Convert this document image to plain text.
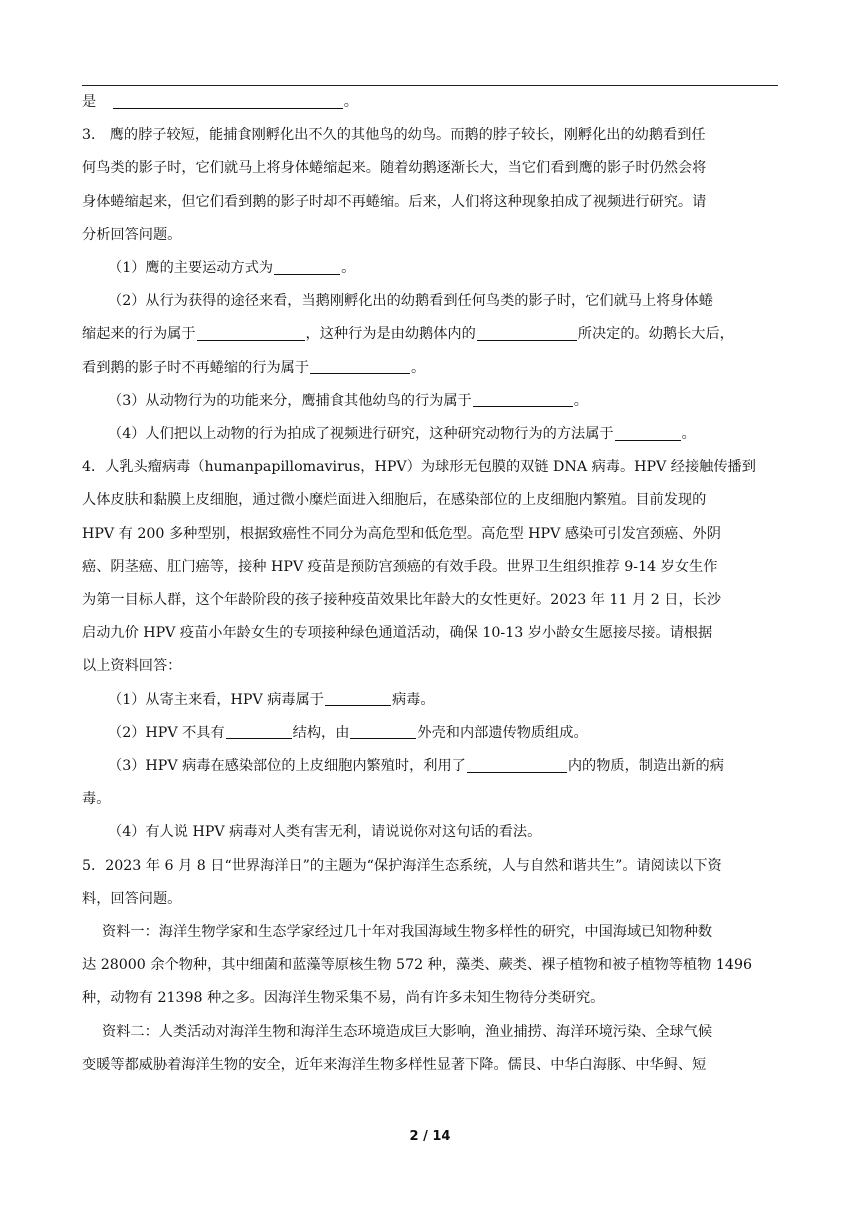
是	。

3． 鹰的脖子较短，能捕食刚孵化出不久的其他鸟的幼鸟。而鹅的脖子较长，刚孵化出的幼鹅看到任

何鸟类的影子时，它们就马上将身体蜷缩起来。随着幼鹅逐渐长大，当它们看到鹰的影子时仍然会将

身体蜷缩起来，但它们看到鹅的影子时却不再蜷缩。后来，人们将这种现象拍成了视频进行研究。请

分析回答问题。

（1）鹰的主要运动方式为	。

（2）从行为获得的途径来看，当鹅刚孵化出的幼鹅看到任何鸟类的影子时，它们就马上将身体蜷

缩起来的行为属于	，这种行为是由幼鹅体内的	所决定的。幼鹅长大后，

看到鹅的影子时不再蜷缩的行为属于	。

（3）从动物行为的功能来分，鹰捕食其他幼鸟的行为属于	。

（4）人们把以上动物的行为拍成了视频进行研究，这种研究动物行为的方法属于	。

4．人乳头瘤病毒（humanpapillomavirus，HPV）为球形无包膜的双链 DNA 病毒。HPV 经接触传播到

人体皮肤和黏膜上皮细胞，通过微小糜烂面进入细胞后，在感染部位的上皮细胞内繁殖。目前发现的

HPV 有 200 多种型别，根据致癌性不同分为高危型和低危型。高危型 HPV 感染可引发宫颈癌、外阴

癌、阴茎癌、肛门癌等，接种 HPV 疫苗是预防宫颈癌的有效手段。世界卫生组织推荐 9-14 岁女生作

为第一目标人群，这个年龄阶段的孩子接种疫苗效果比年龄大的女性更好。2023 年 11 月 2 日，长沙

启动九价 HPV 疫苗小年龄女生的专项接种绿色通道活动，确保 10-13 岁小龄女生愿接尽接。请根据

以上资料回答：

（1）从寄主来看，HPV 病毒属于	病毒。

（2）HPV 不具有	结构，由	外壳和内部遗传物质组成。

（3）HPV 病毒在感染部位的上皮细胞内繁殖时，利用了	内的物质，制造出新的病

毒。

（4）有人说 HPV 病毒对人类有害无利，请说说你对这句话的看法。

5．2023 年 6 月 8 日“世界海洋日”的主题为“保护海洋生态系统，人与自然和谐共生”。请阅读以下资

料，回答问题。

资料一：海洋生物学家和生态学家经过几十年对我国海域生物多样性的研究，中国海域已知物种数

达 28000 余个物种，其中细菌和蓝藻等原核生物 572 种，藻类、蕨类、裸子植物和被子植物等植物 1496

种，动物有 21398 种之多。因海洋生物采集不易，尚有许多未知生物待分类研究。

资料二：人类活动对海洋生物和海洋生态环境造成巨大影响，渔业捕捞、海洋环境污染、全球气候

变暖等都威胁着海洋生物的安全，近年来海洋生物多样性显著下降。儒艮、中华白海豚、中华鲟、短

2 / 14
